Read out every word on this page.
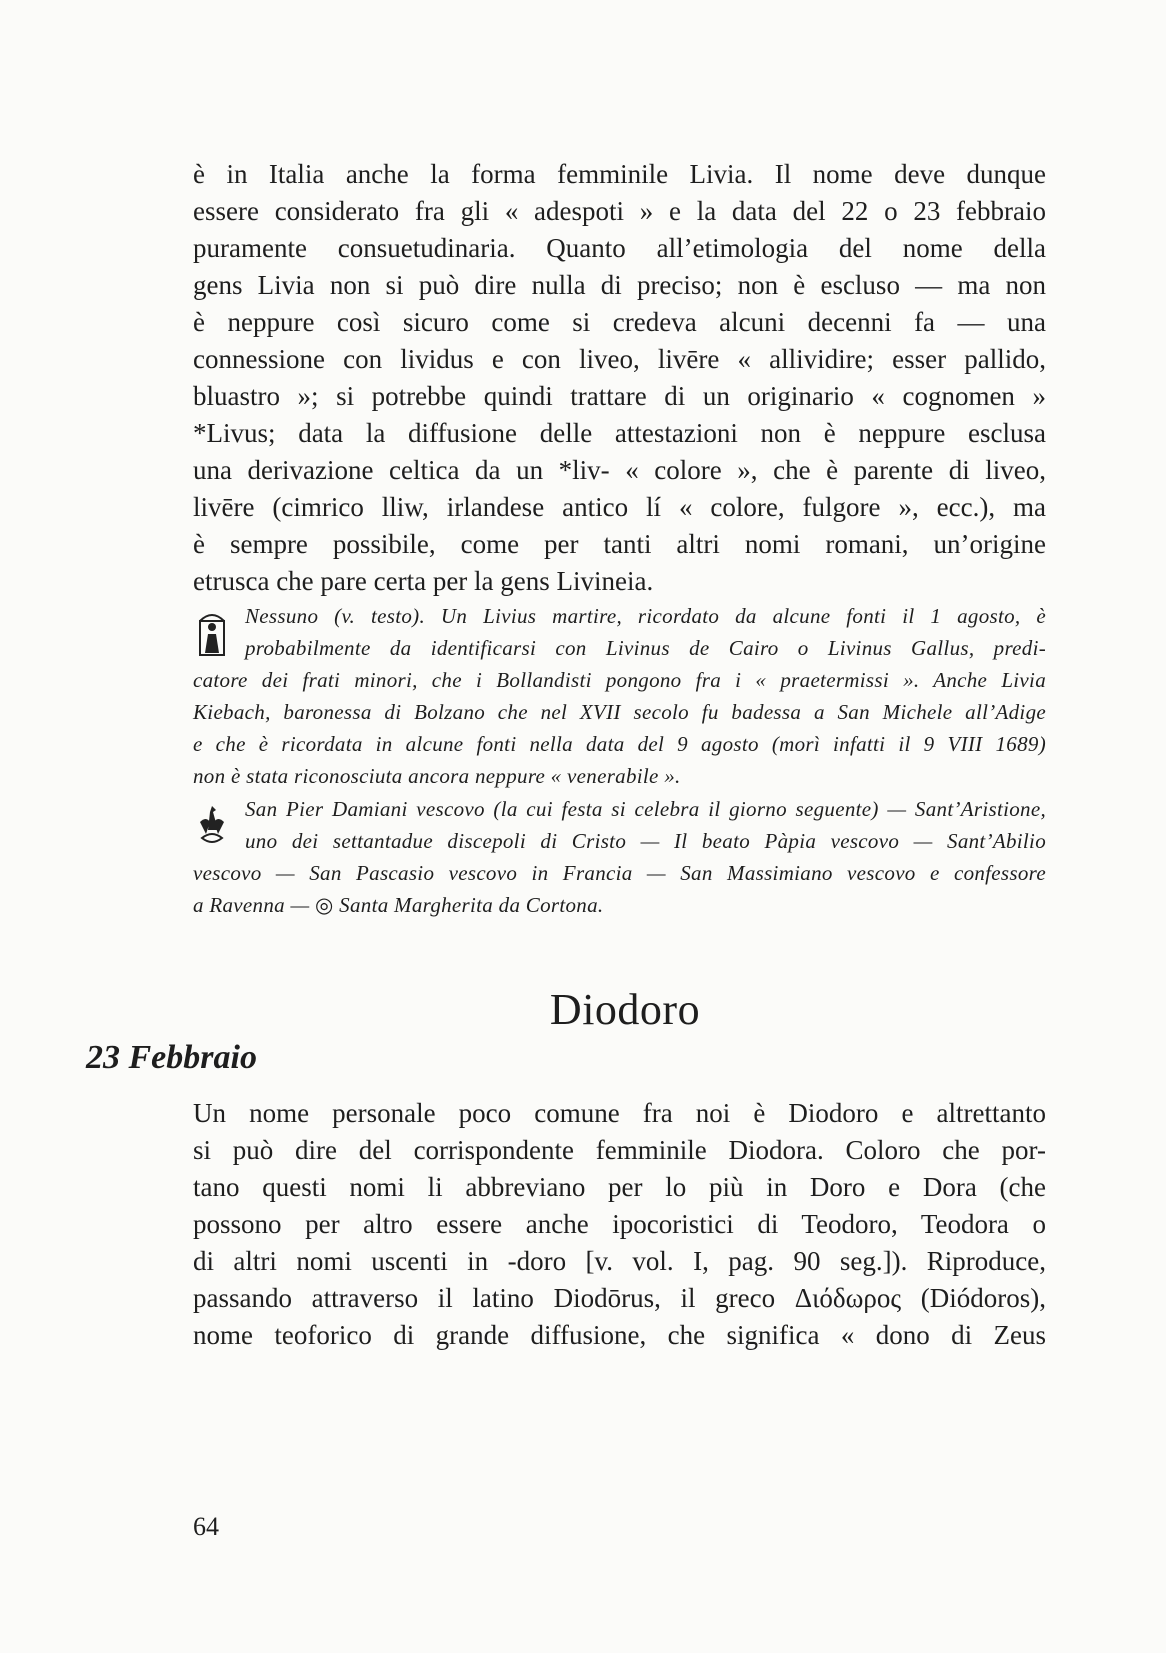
è in Italia anche la forma femminile Livia. Il nome deve dunque
essere considerato fra gli « adespoti » e la data del 22 o 23 febbraio
puramente consuetudinaria. Quanto all’etimologia del nome della
gens Livia non si può dire nulla di preciso; non è escluso — ma non
è neppure così sicuro come si credeva alcuni decenni fa — una
connessione con lividus e con liveo, livēre « allividire; esser pallido,
bluastro »; si potrebbe quindi trattare di un originario « cognomen »
*Livus; data la diffusione delle attestazioni non è neppure esclusa
una derivazione celtica da un *liv- « colore », che è parente di liveo,
livēre (cimrico lliw, irlandese antico lí « colore, fulgore », ecc.), ma
è sempre possibile, come per tanti altri nomi romani, un’origine
etrusca che pare certa per la gens Livineia.
Nessuno (v. testo). Un Livius martire, ricordato da alcune fonti il 1 agosto, è
probabilmente da identificarsi con Livinus de Cairo o Livinus Gallus, predi-
catore dei frati minori, che i Bollandisti pongono fra i « praetermissi ». Anche Livia
Kiebach, baronessa di Bolzano che nel XVII secolo fu badessa a San Michele all’Adige
e che è ricordata in alcune fonti nella data del 9 agosto (morì infatti il 9 VIII 1689)
non è stata riconosciuta ancora neppure « venerabile ».
San Pier Damiani vescovo (la cui festa si celebra il giorno seguente) — Sant’Aristione,
uno dei settantadue discepoli di Cristo — Il beato Pàpia vescovo — Sant’Abilio
vescovo — San Pascasio vescovo in Francia — San Massimiano vescovo e confessore
a Ravenna — ◎ Santa Margherita da Cortona.
Diodoro
23 Febbraio
Un nome personale poco comune fra noi è Diodoro e altrettanto
si può dire del corrispondente femminile Diodora. Coloro che por-
tano questi nomi li abbreviano per lo più in Doro e Dora (che
possono per altro essere anche ipocoristici di Teodoro, Teodora o
di altri nomi uscenti in -doro [v. vol. I, pag. 90 seg.]). Riproduce,
passando attraverso il latino Diodōrus, il greco Διόδωρος (Diódoros),
nome teoforico di grande diffusione, che significa « dono di Zeus
64
